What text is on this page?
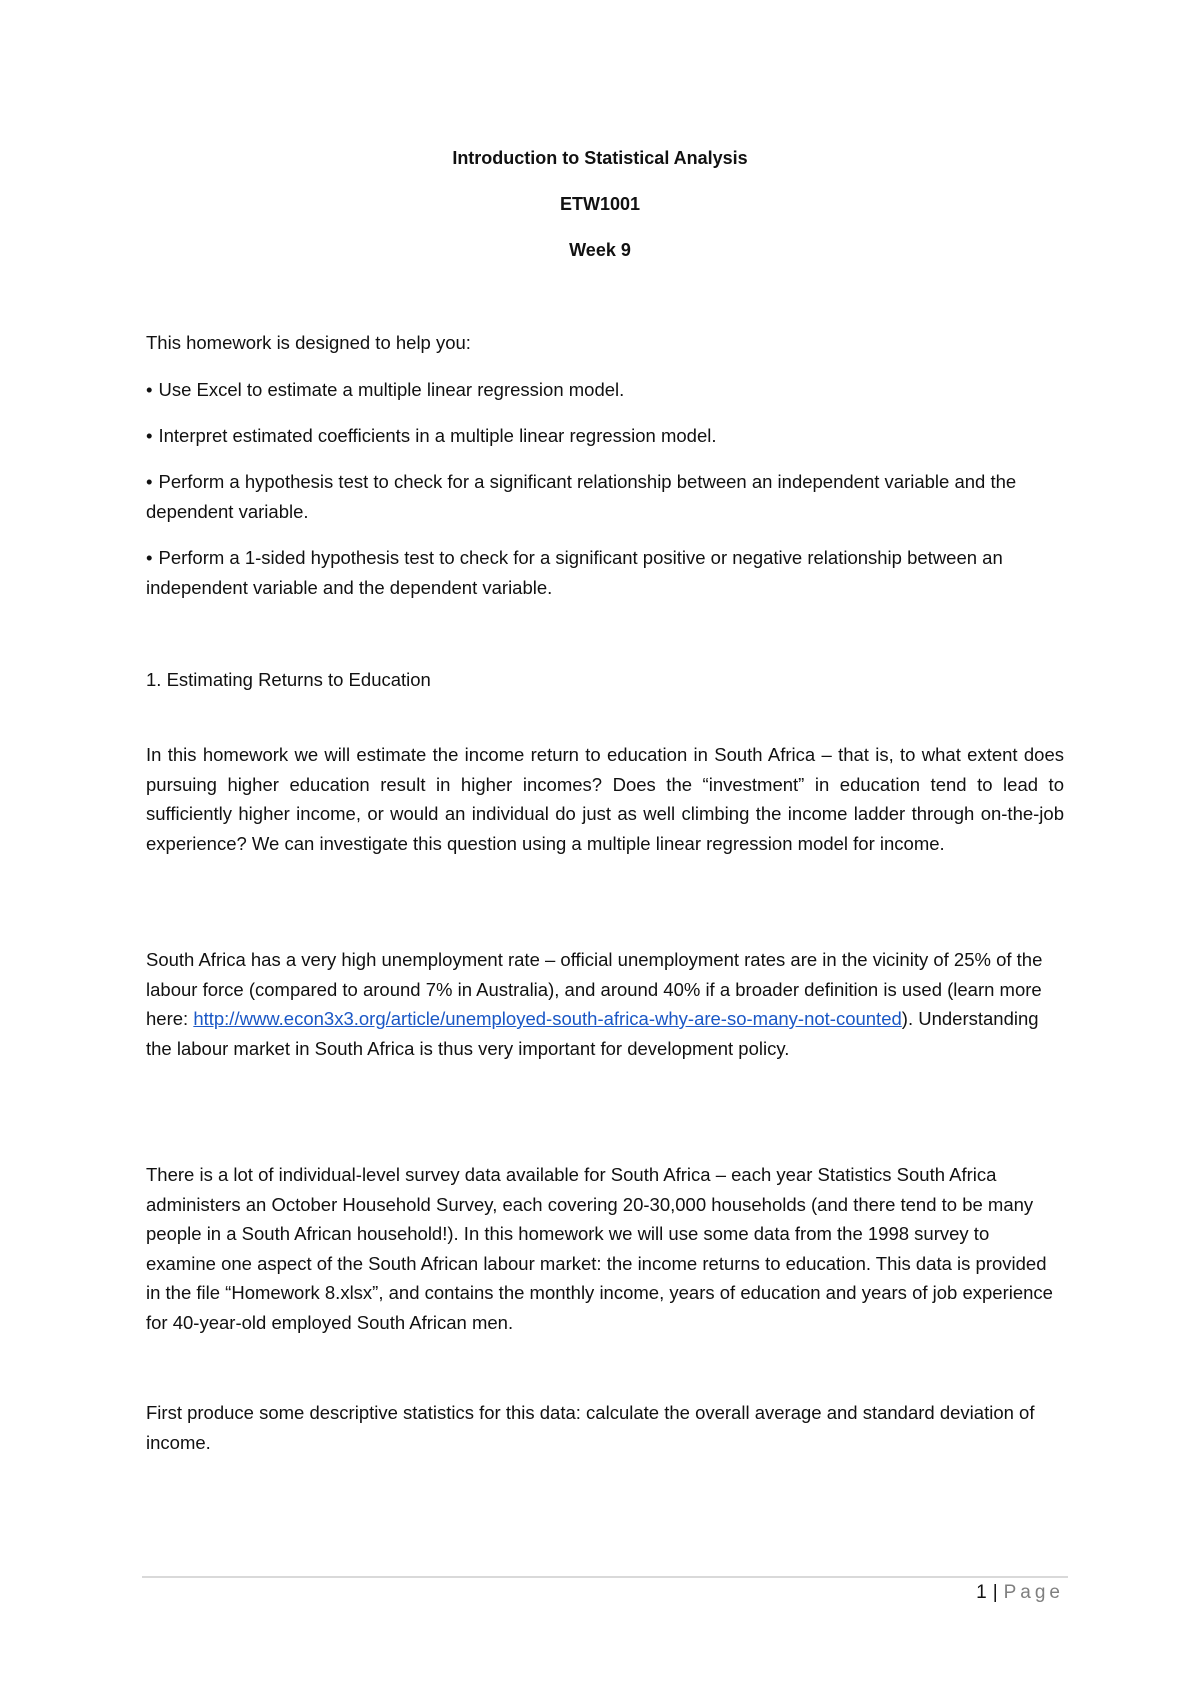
Introduction to Statistical Analysis
ETW1001
Week 9
This homework is designed to help you:
• Use Excel to estimate a multiple linear regression model.
• Interpret estimated coefficients in a multiple linear regression model.
• Perform a hypothesis test to check for a significant relationship between an independent variable and the dependent variable.
• Perform a 1-sided hypothesis test to check for a significant positive or negative relationship between an independent variable and the dependent variable.
1. Estimating Returns to Education
In this homework we will estimate the income return to education in South Africa – that is, to what extent does pursuing higher education result in higher incomes? Does the “investment” in education tend to lead to sufficiently higher income, or would an individual do just as well climbing the income ladder through on-the-job experience? We can investigate this question using a multiple linear regression model for income.
South Africa has a very high unemployment rate – official unemployment rates are in the vicinity of 25% of the labour force (compared to around 7% in Australia), and around 40% if a broader definition is used (learn more here: http://www.econ3x3.org/article/unemployed-south-africa-why-are-so-many-not-counted). Understanding the labour market in South Africa is thus very important for development policy.
There is a lot of individual-level survey data available for South Africa – each year Statistics South Africa administers an October Household Survey, each covering 20-30,000 households (and there tend to be many people in a South African household!). In this homework we will use some data from the 1998 survey to examine one aspect of the South African labour market: the income returns to education. This data is provided in the file “Homework 8.xlsx”, and contains the monthly income, years of education and years of job experience for 40-year-old employed South African men.
First produce some descriptive statistics for this data: calculate the overall average and standard deviation of income.
1 | Page
